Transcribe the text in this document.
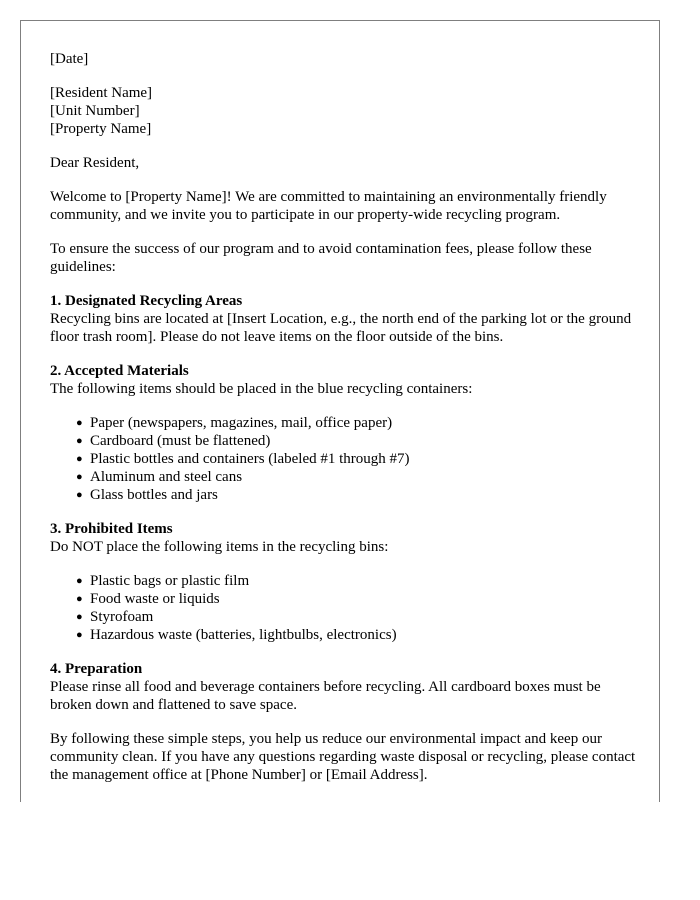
[Date]

[Resident Name]
[Unit Number]
[Property Name]

Dear Resident,

Welcome to [Property Name]! We are committed to maintaining an environmentally friendly community, and we invite you to participate in our property-wide recycling program.

To ensure the success of our program and to avoid contamination fees, please follow these guidelines:

1. Designated Recycling Areas

Recycling bins are located at [Insert Location, e.g., the north end of the parking lot or the ground floor trash room]. Please do not leave items on the floor outside of the bins.

2. Accepted Materials

The following items should be placed in the blue recycling containers:

● Paper (newspapers, magazines, mail, office paper)
● Cardboard (must be flattened)
● Plastic bottles and containers (labeled #1 through #7)
● Aluminum and steel cans
● Glass bottles and jars
3. Prohibited Items

Do NOT place the following items in the recycling bins:

● Plastic bags or plastic film
● Food waste or liquids
● Styrofoam
● Hazardous waste (batteries, lightbulbs, electronics)
4. Preparation

Please rinse all food and beverage containers before recycling. All cardboard boxes must be broken down and flattened to save space.

By following these simple steps, you help us reduce our environmental impact and keep our community clean. If you have any questions regarding waste disposal or recycling, please contact the management office at [Phone Number] or [Email Address].
